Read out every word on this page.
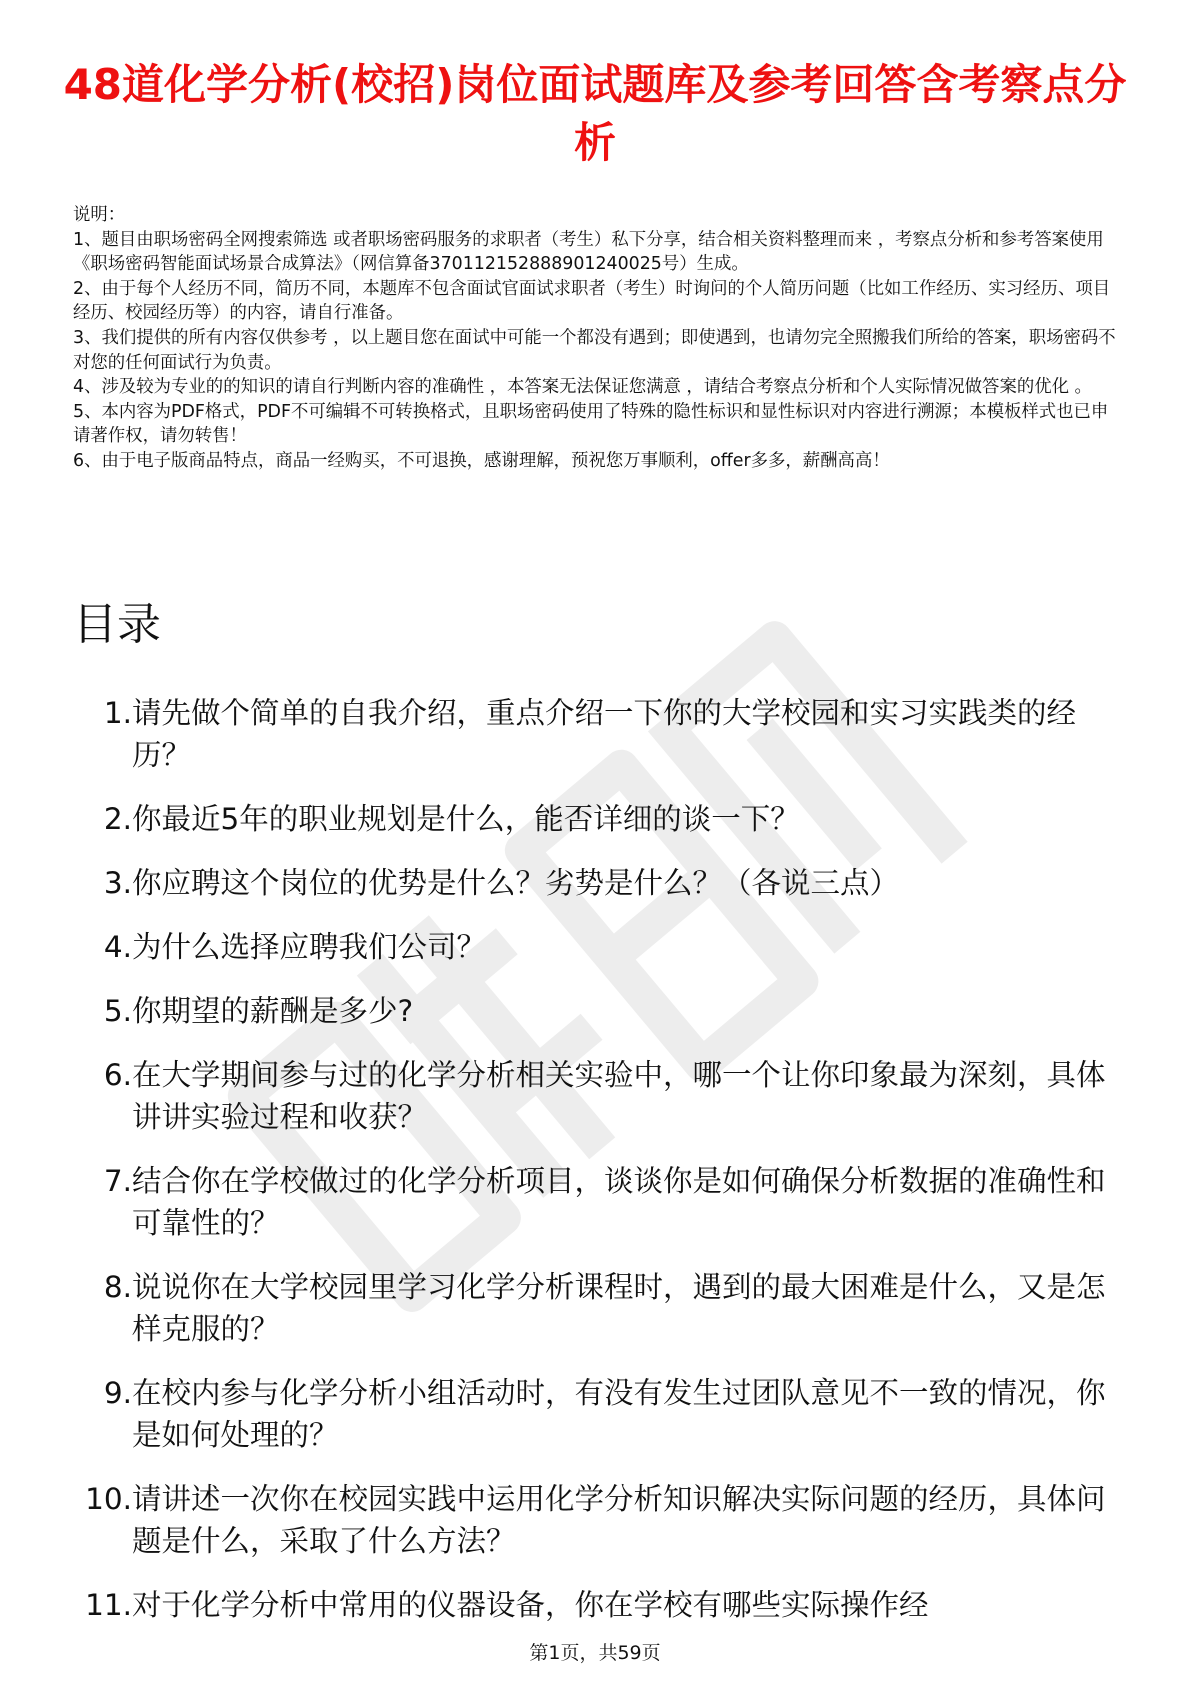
48道化学分析(校招)岗位面试题库及参考回答含考察点分析

说明：

1、题目由职场密码全网搜索筛选 或者职场密码服务的求职者（考生）私下分享，结合相关资料整理而来 ，考察点分析和参考答案使用《职场密码智能面试场景合成算法》（网信算备370112152888901240025号）生成。

2、由于每个人经历不同，简历不同，本题库不包含面试官面试求职者（考生）时询问的个人简历问题（比如工作经历、实习经历、项目经历、校园经历等）的内容，请自行准备。

3、我们提供的所有内容仅供参考 ，以上题目您在面试中可能一个都没有遇到；即使遇到，也请勿完全照搬我们所给的答案，职场密码不对您的任何面试行为负责。

4、涉及较为专业的的知识的请自行判断内容的准确性 ，本答案无法保证您满意 ，请结合考察点分析和个人实际情况做答案的优化 。

5、本内容为PDF格式，PDF不可编辑不可转换格式，且职场密码使用了特殊的隐性标识和显性标识对内容进行溯源；本模板样式也已申请著作权，请勿转售！

6、由于电子版商品特点，商品一经购买，不可退换，感谢理解，预祝您万事顺利，offer多多，薪酬高高！

目录
1. 请先做个简单的自我介绍，重点介绍一下你的大学校园和实习实践类的经历？
2. 你最近5年的职业规划是什么，能否详细的谈一下？
3. 你应聘这个岗位的优势是什么？劣势是什么？（各说三点）
4. 为什么选择应聘我们公司？
5. 你期望的薪酬是多少?
6. 在大学期间参与过的化学分析相关实验中，哪一个让你印象最为深刻，具体讲讲实验过程和收获？
7. 结合你在学校做过的化学分析项目，谈谈你是如何确保分析数据的准确性和可靠性的？
8. 说说你在大学校园里学习化学分析课程时，遇到的最大困难是什么，又是怎样克服的？
9. 在校内参与化学分析小组活动时，有没有发生过团队意见不一致的情况，你是如何处理的？
10. 请讲述一次你在校园实践中运用化学分析知识解决实际问题的经历，具体问题是什么，采取了什么方法？
11. 对于化学分析中常用的仪器设备，你在学校有哪些实际操作经
第1页，共59页
